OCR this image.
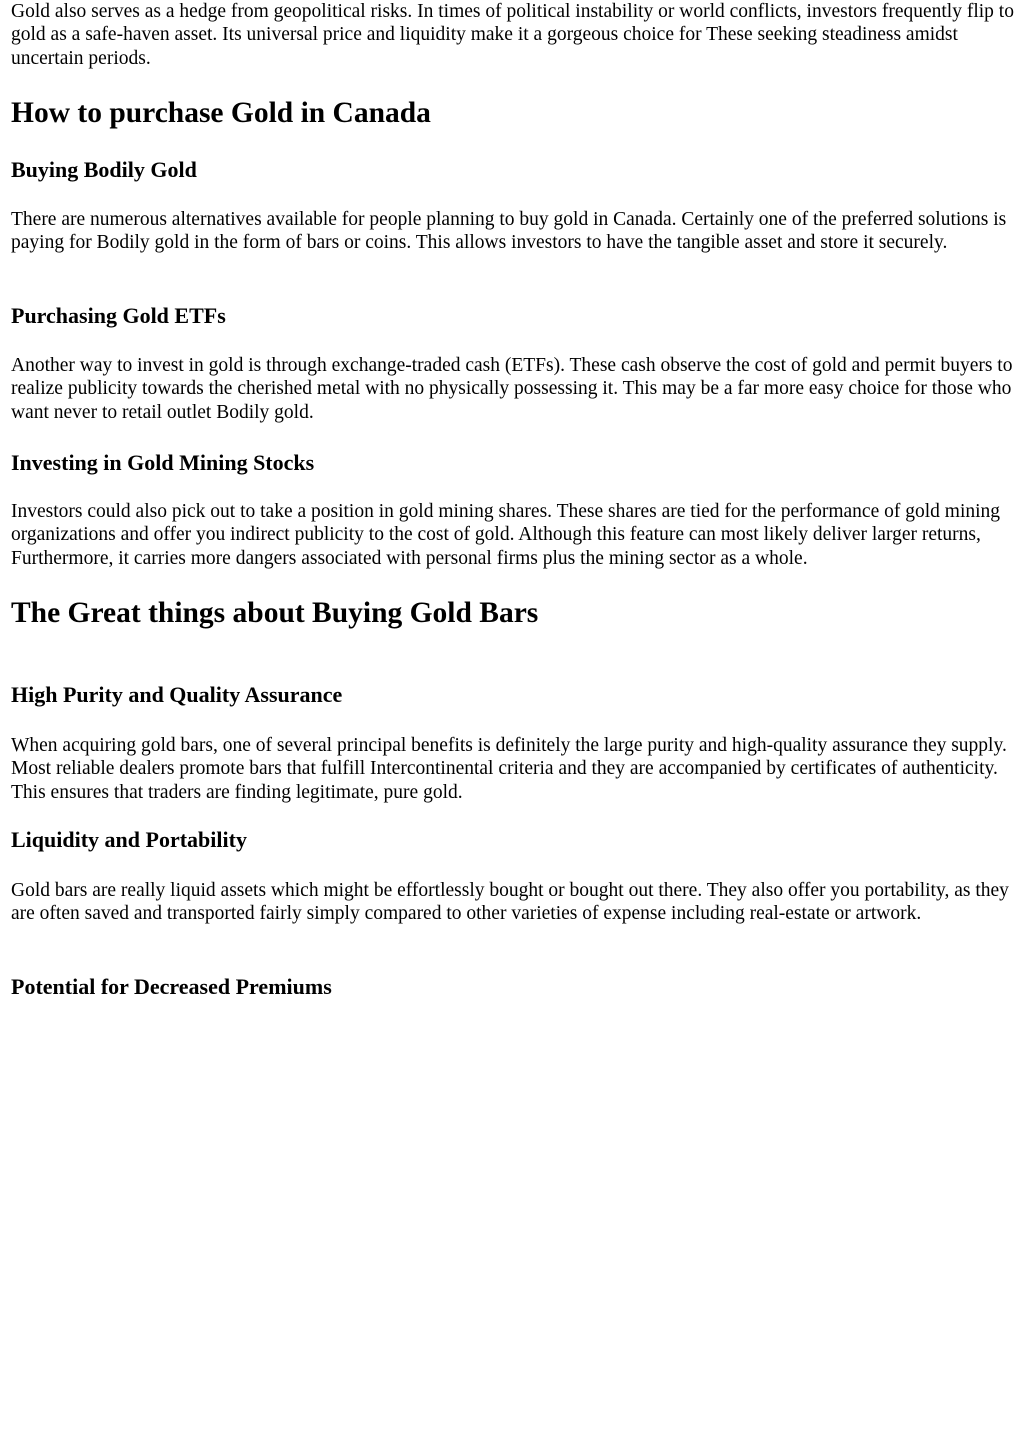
Gold also serves as a hedge from geopolitical risks. In times of political instability or world conflicts, investors frequently flip to gold as a safe-haven asset. Its universal price and liquidity make it a gorgeous choice for These seeking steadiness amidst uncertain periods.

How to purchase Gold in Canada
Buying Bodily Gold

There are numerous alternatives available for people planning to buy gold in Canada. Certainly one of the preferred solutions is paying for Bodily gold in the form of bars or coins. This allows investors to have the tangible asset and store it securely.

Purchasing Gold ETFs

Another way to invest in gold is through exchange-traded cash (ETFs). These cash observe the cost of gold and permit buyers to realize publicity towards the cherished metal with no physically possessing it. This may be a far more easy choice for those who want never to retail outlet Bodily gold.

Investing in Gold Mining Stocks

Investors could also pick out to take a position in gold mining shares. These shares are tied for the performance of gold mining organizations and offer you indirect publicity to the cost of gold. Although this feature can most likely deliver larger returns, Furthermore, it carries more dangers associated with personal firms plus the mining sector as a whole.

The Great things about Buying Gold Bars
High Purity and Quality Assurance

When acquiring gold bars, one of several principal benefits is definitely the large purity and high-quality assurance they supply. Most reliable dealers promote bars that fulfill Intercontinental criteria and they are accompanied by certificates of authenticity. This ensures that traders are finding legitimate, pure gold.

Liquidity and Portability

Gold bars are really liquid assets which might be effortlessly bought or bought out there. They also offer you portability, as they are often saved and transported fairly simply compared to other varieties of expense including real-estate or artwork.

Potential for Decreased Premiums
